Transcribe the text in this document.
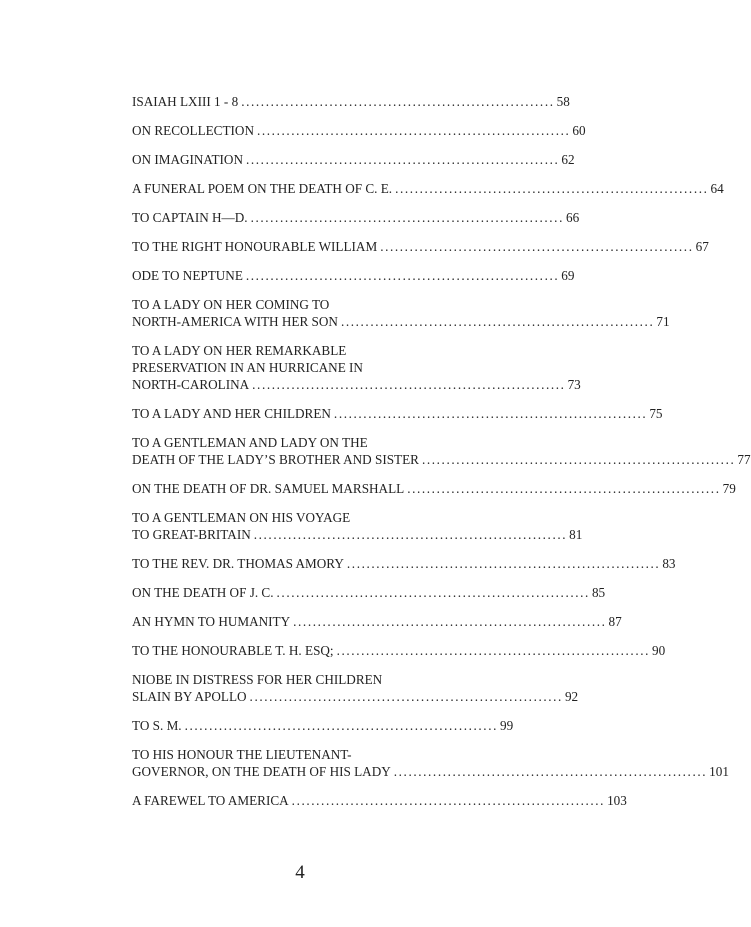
ISAIAH LXIII 1 - 8 ................................................................ 58
ON RECOLLECTION ................................................................ 60
ON IMAGINATION ................................................................ 62
A FUNERAL POEM ON THE DEATH OF C. E. ................................................................ 64
TO CAPTAIN H—D. ................................................................ 66
TO THE RIGHT HONOURABLE WILLIAM ................................................................ 67
ODE TO NEPTUNE ................................................................ 69
TO A LADY ON HER COMING TO
NORTH-AMERICA WITH HER SON ................................................................ 71
TO A LADY ON HER REMARKABLE
PRESERVATION IN AN HURRICANE IN
NORTH-CAROLINA ................................................................ 73
TO A LADY AND HER CHILDREN ................................................................ 75
TO A GENTLEMAN AND LADY ON THE
DEATH OF THE LADY’S BROTHER AND SISTER ................................................................ 77
ON THE DEATH OF DR. SAMUEL MARSHALL ................................................................ 79
TO A GENTLEMAN ON HIS VOYAGE
TO GREAT-BRITAIN ................................................................ 81
TO THE REV. DR. THOMAS AMORY ................................................................ 83
ON THE DEATH OF J. C. ................................................................ 85
AN HYMN TO HUMANITY ................................................................ 87
TO THE HONOURABLE T. H. ESQ; ................................................................ 90
NIOBE IN DISTRESS FOR HER CHILDREN
SLAIN BY APOLLO ................................................................ 92
TO S. M. ................................................................ 99
TO HIS HONOUR THE LIEUTENANT-
GOVERNOR, ON THE DEATH OF HIS LADY ................................................................ 101
A FAREWEL TO AMERICA ................................................................ 103
4
